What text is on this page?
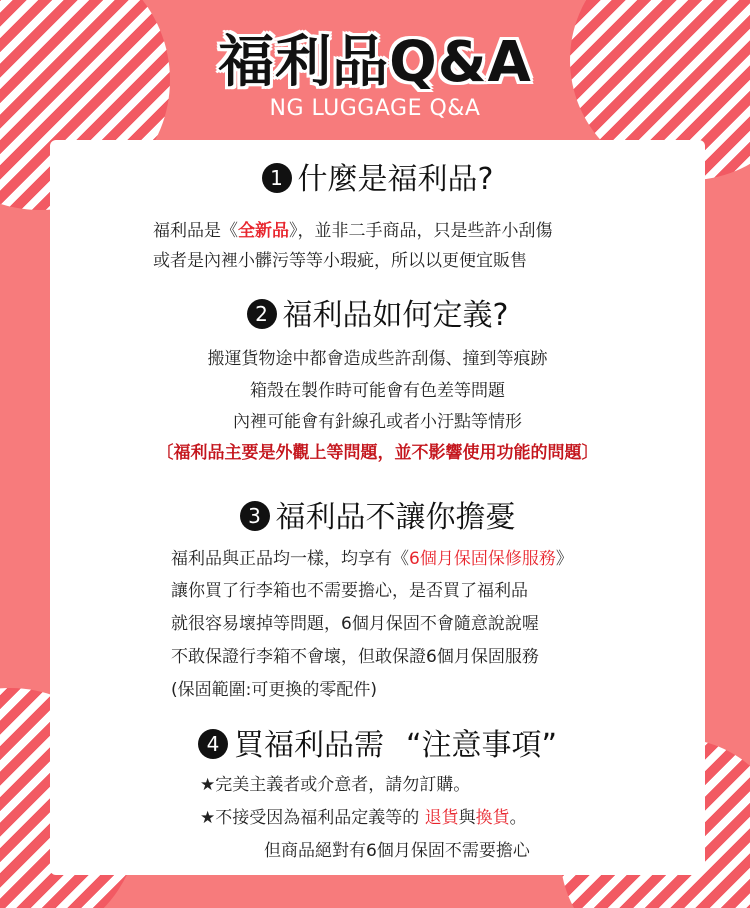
福利品Q&A
NG LUGGAGE Q&A
1 什麼是福利品?
福利品是《全新品》，並非二手商品，只是些許小刮傷
或者是內裡小髒污等等小瑕疵，所以以更便宜販售
2 福利品如何定義?
搬運貨物途中都會造成些許刮傷、撞到等痕跡
箱殼在製作時可能會有色差等問題
內裡可能會有針線孔或者小汙點等情形
〔福利品主要是外觀上等問題，並不影響使用功能的問題〕
3 福利品不讓你擔憂
福利品與正品均一樣，均享有《6個月保固保修服務》
讓你買了行李箱也不需要擔心，是否買了福利品
就很容易壞掉等問題，6個月保固不會隨意說說喔
不敢保證行李箱不會壞，但敢保證6個月保固服務
(保固範圍:可更換的零配件)
4 買福利品需 “注意事項”
★完美主義者或介意者，請勿訂購。
★不接受因為福利品定義等的 退貨與換貨。
但商品絕對有6個月保固不需要擔心
